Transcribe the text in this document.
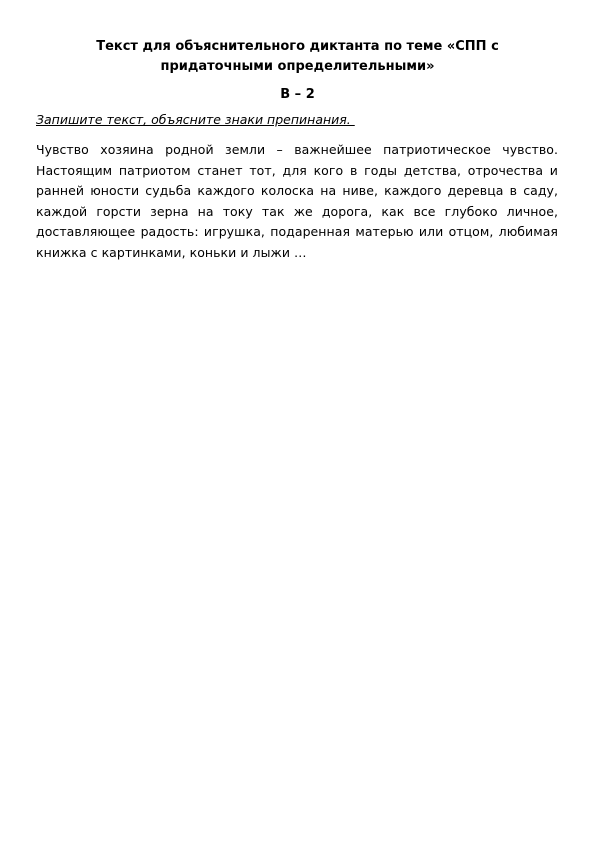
Текст для объяснительного диктанта по теме «СПП с придаточными определительными»

В – 2

Запишите текст, объясните знаки препинания.

Чувство хозяина родной земли – важнейшее патриотическое чувство. Настоящим патриотом станет тот, для кого в годы детства, отрочества и ранней юности судьба каждого колоска на ниве, каждого деревца в саду, каждой горсти зерна на току так же дорога, как все глубоко личное, доставляющее радость: игрушка, подаренная матерью или отцом, любимая книжка с картинками, коньки и лыжи …
